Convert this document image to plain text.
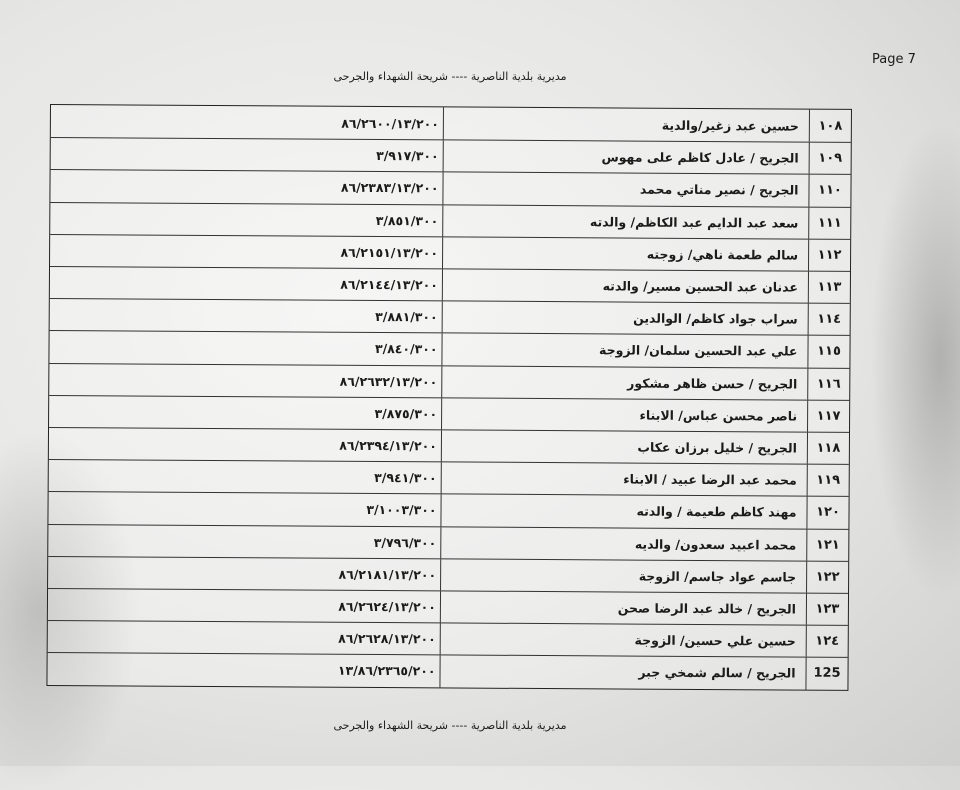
Page 7
مديرية بلدية الناصرية ---- شريحة الشهداء والجرحى
١٠٨
حسين عبد زغير/والدية
٨٦/٢٦٠٠/١٣/٢٠٠
١٠٩
الجريح / عادل كاظم على مهوس
٣/٩١٧/٣٠٠
١١٠
الجريح / نصير مناتي محمد
٨٦/٢٣٨٣/١٣/٢٠٠
١١١
سعد عبد الدايم عبد الكاظم/ والدته
٣/٨٥١/٣٠٠
١١٢
سالم طعمة ناهي/ زوجته
٨٦/٢١٥١/١٣/٢٠٠
١١٣
عدنان عبد الحسين مسير/ والدته
٨٦/٢١٤٤/١٣/٢٠٠
١١٤
سراب جواد كاظم/ الوالدين
٣/٨٨١/٣٠٠
١١٥
علي عبد الحسين سلمان/ الزوجة
٣/٨٤٠/٣٠٠
١١٦
الجريح / حسن ظاهر مشكور
٨٦/٢٦٣٢/١٣/٢٠٠
١١٧
ناصر محسن عباس/ الابناء
٣/٨٧٥/٣٠٠
١١٨
الجريح / خليل برزان عكاب
٨٦/٢٣٩٤/١٣/٢٠٠
١١٩
محمد عبد الرضا عبيد / الابناء
٣/٩٤١/٣٠٠
١٢٠
مهند كاظم طعيمة / والدته
٣/١٠٠٣/٣٠٠
١٢١
محمد اعبيد سعدون/ والديه
٣/٧٩٦/٣٠٠
١٢٢
جاسم عواد جاسم/ الزوجة
٨٦/٢١٨١/١٣/٢٠٠
١٢٣
الجريح / خالد عبد الرضا صحن
٨٦/٢٦٢٤/١٣/٢٠٠
١٢٤
حسين علي حسين/ الزوجة
٨٦/٢٦٢٨/١٣/٢٠٠
125
الجريح / سالم شمخي جبر
١٣/٨٦/٢٣٦٥/٢٠٠
مديرية بلدية الناصرية ---- شريحة الشهداء والجرحى
